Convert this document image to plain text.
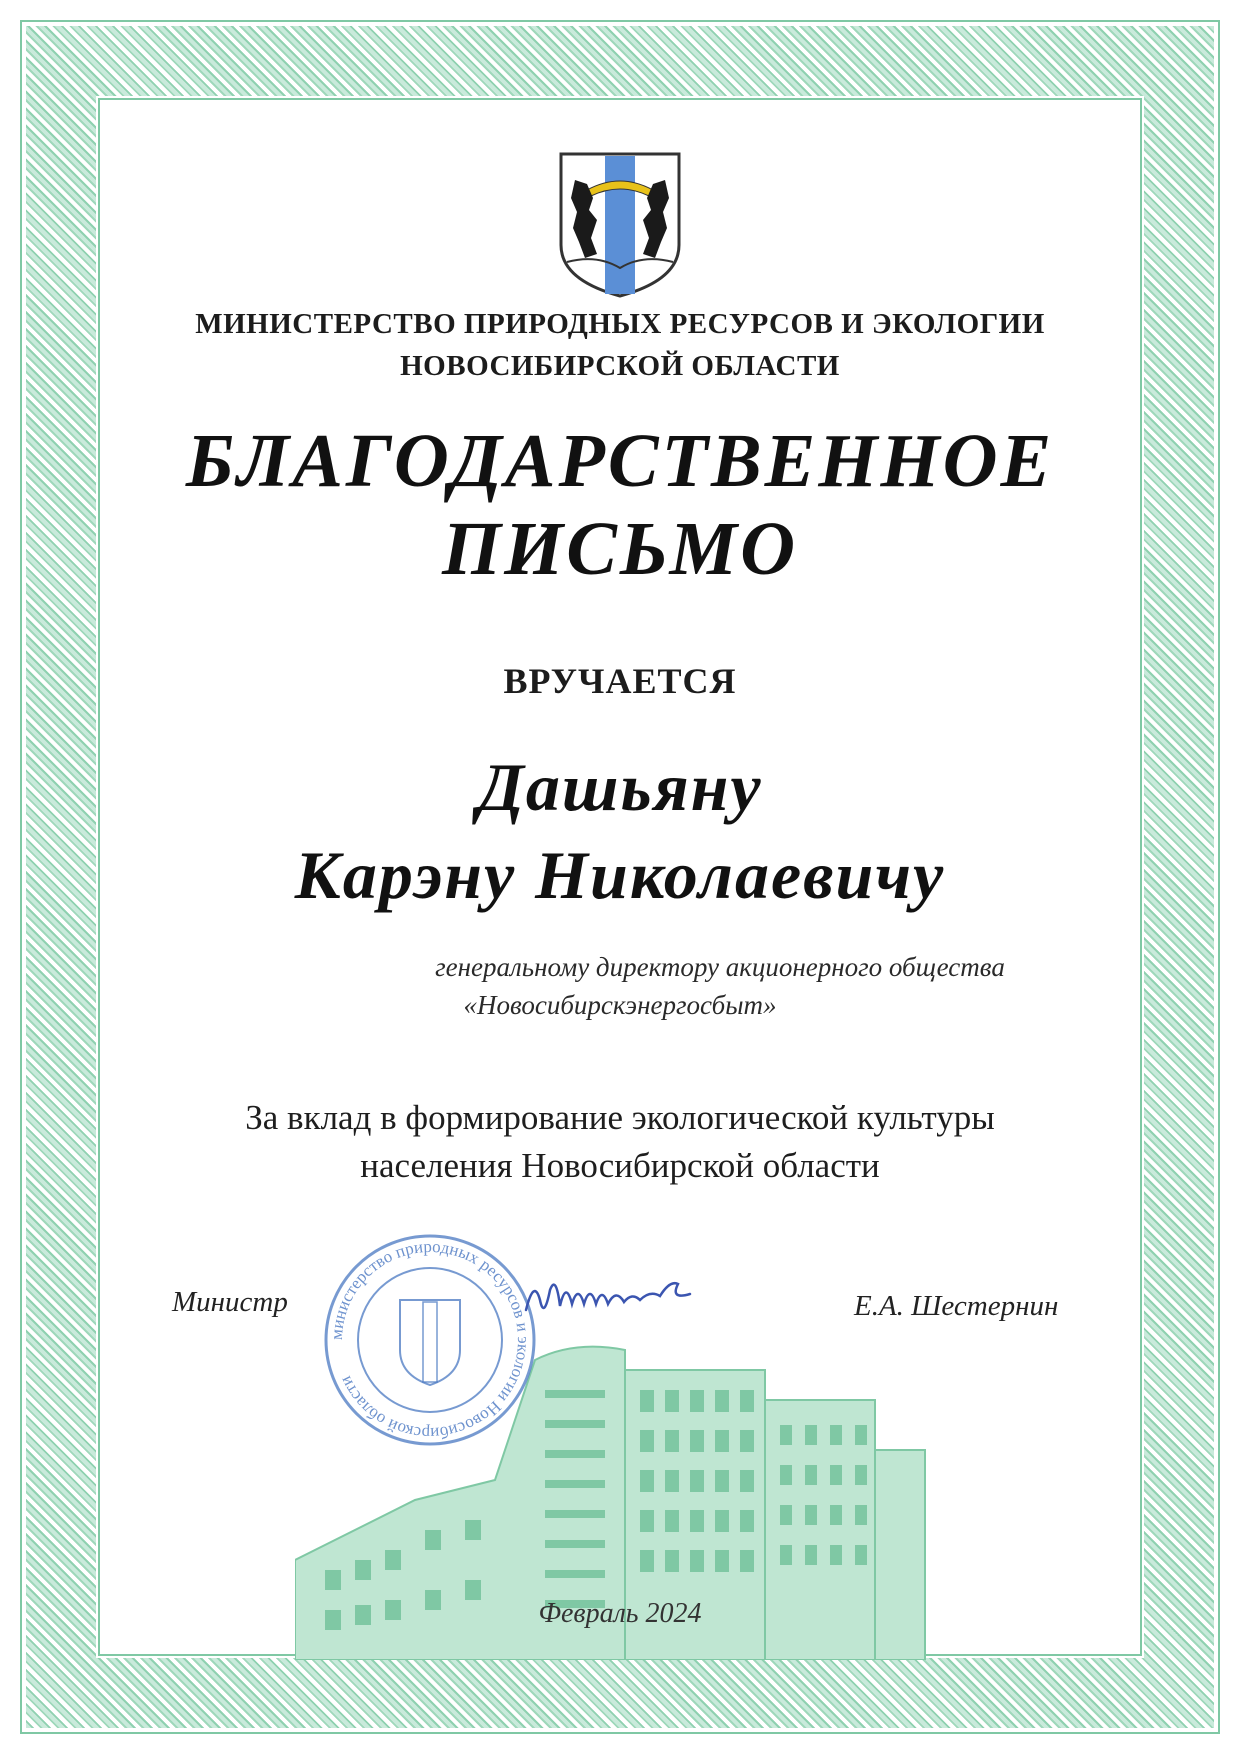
МИНИСТЕРСТВО ПРИРОДНЫХ РЕСУРСОВ И ЭКОЛОГИИ
НОВОСИБИРСКОЙ ОБЛАСТИ
БЛАГОДАРСТВЕННОЕ
ПИСЬМО
ВРУЧАЕТСЯ
Дашьяну
Карэну Николаевичу
генеральному директору акционерного общества
«Новосибирскэнергосбыт»
За вклад в формирование экологической культуры
населения Новосибирской области
министерство природных ресурсов и экологии Новосибирской области
Министр	Е.А. Шестернин
Февраль 2024
